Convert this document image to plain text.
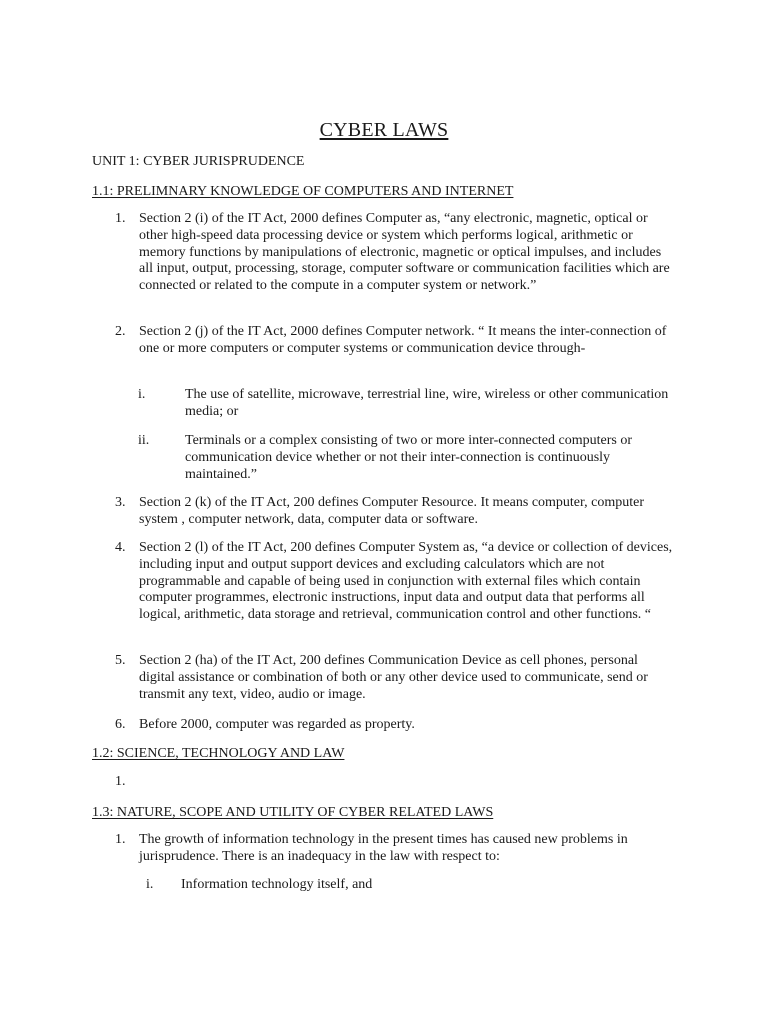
CYBER LAWS
UNIT 1: CYBER JURISPRUDENCE
1.1: PRELIMNARY KNOWLEDGE OF COMPUTERS AND INTERNET
1. Section 2 (i) of the IT Act, 2000 defines Computer as, “any electronic, magnetic, optical or other high-speed data processing device or system which performs logical, arithmetic or memory functions by manipulations of electronic, magnetic or optical impulses, and includes all input, output, processing, storage, computer software or communication facilities which are connected or related to the compute in a computer system or network.”
2. Section 2 (j) of the IT Act, 2000 defines Computer network. “ It means the inter-connection of one or more computers or computer systems or communication device through-
i.	The use of satellite, microwave, terrestrial line, wire, wireless or other communication media; or
ii.	Terminals or a complex consisting of two or more inter-connected computers or communication device whether or not their inter-connection is continuously maintained.”
3. Section 2 (k) of the IT Act, 200 defines Computer Resource. It means computer, computer system , computer network, data, computer data or software.
4. Section 2 (l) of the IT Act, 200 defines Computer System as, “a device or collection of devices, including input and output support devices and excluding calculators which are not programmable and capable of being used in conjunction with external files which contain computer programmes, electronic instructions, input data and output data that performs all logical, arithmetic, data storage and retrieval, communication control and other functions. “
5. Section 2 (ha) of the IT Act, 200 defines Communication Device as cell phones, personal digital assistance or combination of both or any other device used to communicate, send or transmit any text, video, audio or image.
6. Before 2000, computer was regarded as property.
1.2: SCIENCE, TECHNOLOGY AND LAW
1.
1.3: NATURE, SCOPE AND UTILITY OF CYBER RELATED LAWS
1. The growth of information technology in the present times has caused new problems in jurisprudence. There is an inadequacy in the law with respect to:
i.	Information technology itself, and
